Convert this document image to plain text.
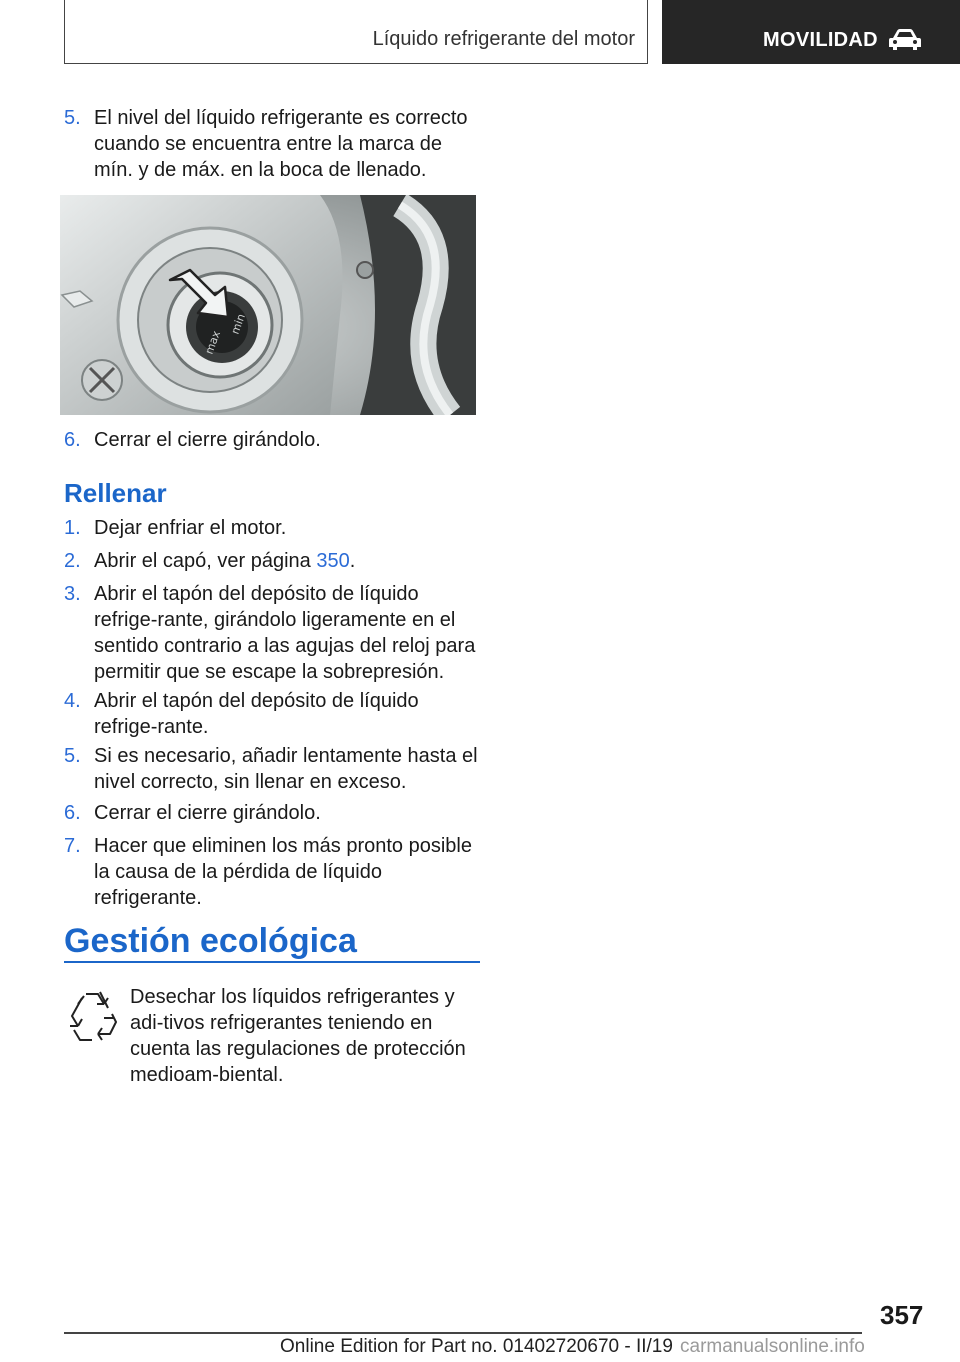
Líquido refrigerante del motor	MOVILIDAD
5. El nivel del líquido refrigerante es correcto cuando se encuentra entre la marca de mín. y de máx. en la boca de llenado.
6. Cerrar el cierre girándolo.
Rellenar
1. Dejar enfriar el motor.
2. Abrir el capó, ver página 350.
3. Abrir el tapón del depósito de líquido refrige‐rante, girándolo ligeramente en el sentido contrario a las agujas del reloj para permitir que se escape la sobrepresión.
4. Abrir el tapón del depósito de líquido refrige‐rante.
5. Si es necesario, añadir lentamente hasta el nivel correcto, sin llenar en exceso.
6. Cerrar el cierre girándolo.
7. Hacer que eliminen los más pronto posible la causa de la pérdida de líquido refrigerante.
Gestión ecológica
Desechar los líquidos refrigerantes y adi‐tivos refrigerantes teniendo en cuenta las regulaciones de protección medioam‐biental.
min
max
357
Online Edition for Part no. 01402720670 - II/19 carmanualsonline.info
